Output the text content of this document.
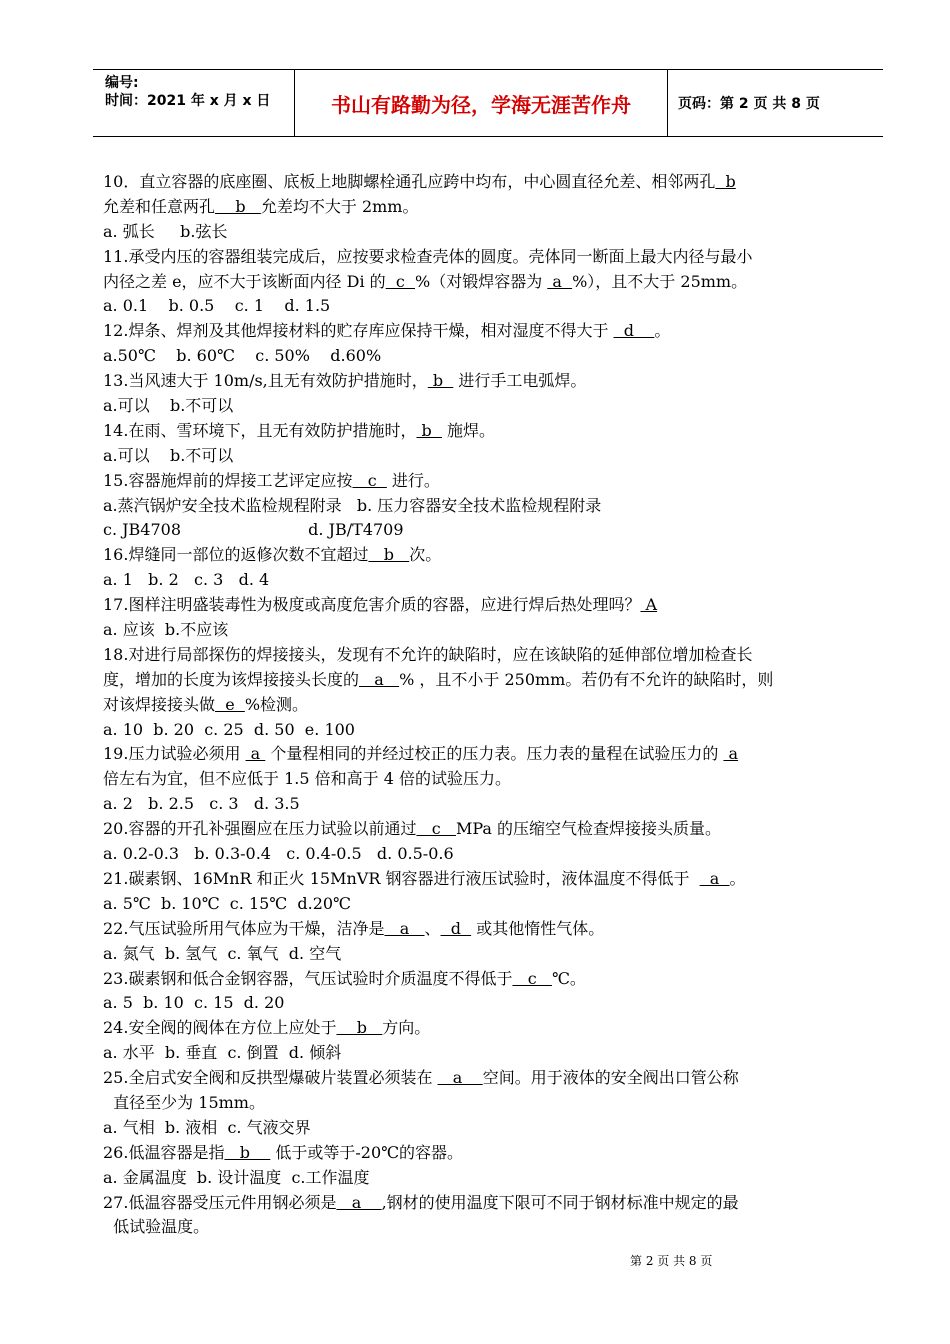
编号:
时间：2021 年 x 月 x 日	书山有路勤为径，学海无涯苦作舟	页码：第 2 页 共 8 页
10．直立容器的底座圈、底板上地脚螺栓通孔应跨中均布，中心圆直径允差、相邻两孔  b
允差和任意两孔    b   允差均不大于 2mm。
a. 弧长     b.弦长
11.承受内压的容器组装完成后，应按要求检查壳体的圆度。壳体同一断面上最大内径与最小
内径之差 e，应不大于该断面内径 Di 的  c  %（对锻焊容器为  a  %），且不大于 25mm。
a. 0.1    b. 0.5    c. 1    d. 1.5
12.焊条、焊剂及其他焊接材料的贮存库应保持干燥，相对湿度不得大于   d    。
a.50℃    b. 60℃    c. 50%    d.60%
13.当风速大于 10m/s,且无有效防护措施时， b   进行手工电弧焊。
a.可以    b.不可以
14.在雨、雪环境下，且无有效防护措施时， b   施焊。
a.可以    b.不可以
15.容器施焊前的焊接工艺评定应按   c   进行。
a.蒸汽锅炉安全技术监检规程附录   b. 压力容器安全技术监检规程附录
c. JB4708                         d. JB/T4709
16.焊缝同一部位的返修次数不宜超过   b   次。
a. 1   b. 2   c. 3   d. 4
17.图样注明盛装毒性为极度或高度危害介质的容器，应进行焊后热处理吗？ A
a. 应该  b.不应该
18.对进行局部探伤的焊接接头，发现有不允许的缺陷时，应在该缺陷的延伸部位增加检查长
度，增加的长度为该焊接接头长度的   a   % ，且不小于 250mm。若仍有不允许的缺陷时，则
对该焊接接头做  e  %检测。
a. 10  b. 20  c. 25  d. 50  e. 100
19.压力试验必须用  a  个量程相同的并经过校正的压力表。压力表的量程在试验压力的  a
倍左右为宜，但不应低于 1.5 倍和高于 4 倍的试验压力。
a. 2   b. 2.5   c. 3   d. 3.5
20.容器的开孔补强圈应在压力试验以前通过   c   MPa 的压缩空气检查焊接接头质量。
a. 0.2-0.3   b. 0.3-0.4   c. 0.4-0.5   d. 0.5-0.6
21.碳素钢、16MnR 和正火 15MnVR 钢容器进行液压试验时，液体温度不得低于    a  。
a. 5℃  b. 10℃  c. 15℃  d.20℃
22.气压试验所用气体应为干燥，洁净是   a   、  d   或其他惰性气体。
a. 氮气  b. 氢气  c. 氧气  d. 空气
23.碳素钢和低合金钢容器，气压试验时介质温度不得低于   c   ℃。
a. 5  b. 10  c. 15  d. 20
24.安全阀的阀体在方位上应处于    b   方向。
a. 水平  b. 垂直  c. 倒置  d. 倾斜
25.全启式安全阀和反拱型爆破片装置必须装在    a    空间。用于液体的安全阀出口管公称
直径至少为 15mm。
a. 气相  b. 液相  c. 气液交界
26.低温容器是指   b     低于或等于-20℃的容器。
a. 金属温度  b. 设计温度  c.工作温度
27.低温容器受压元件用钢必须是   a    ,钢材的使用温度下限可不同于钢材标准中规定的最
低试验温度。
第 2 页 共 8 页
